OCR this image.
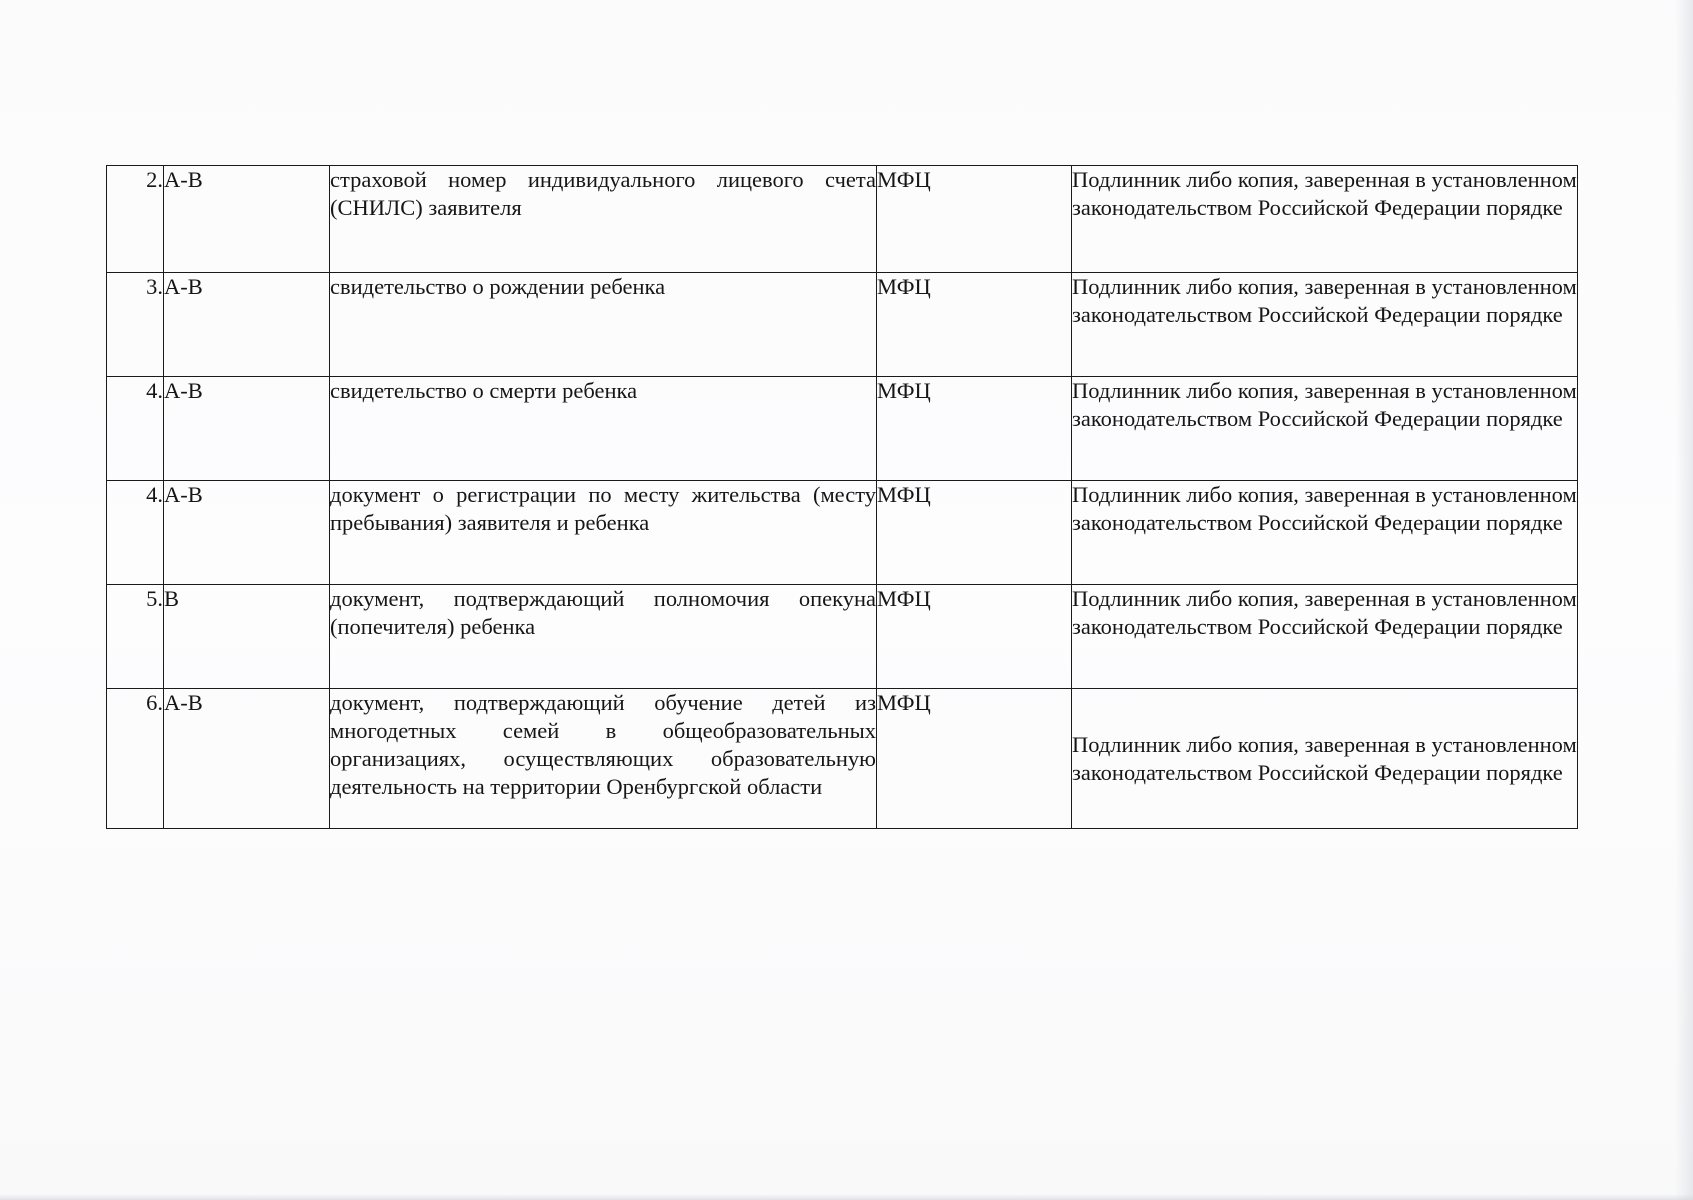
2.	А-В	страховой номер индивидуального лицевого счета (СНИЛС) заявителя	МФЦ	Подлинник либо копия, заверенная в установленном законодательством Российской Федерации порядке
3.	А-В	свидетельство о рождении ребенка	МФЦ	Подлинник либо копия, заверенная в установленном законодательством Российской Федерации порядке
4.	А-В	свидетельство о смерти ребенка	МФЦ	Подлинник либо копия, заверенная в установленном законодательством Российской Федерации порядке
4.	А-В	документ о регистрации по месту жительства (месту пребывания) заявителя и ребенка	МФЦ	Подлинник либо копия, заверенная в установленном законодательством Российской Федерации порядке
5.	В	документ, подтверждающий полномочия опекуна (попечителя) ребенка	МФЦ	Подлинник либо копия, заверенная в установленном законодательством Российской Федерации порядке
6.	А-В	документ, подтверждающий обучение детей из многодетных семей в общеобразовательных организациях, осуществляющих образовательную деятельность на территории Оренбургской области	МФЦ	Подлинник либо копия, заверенная в установленном законодательством Российской Федерации порядке
